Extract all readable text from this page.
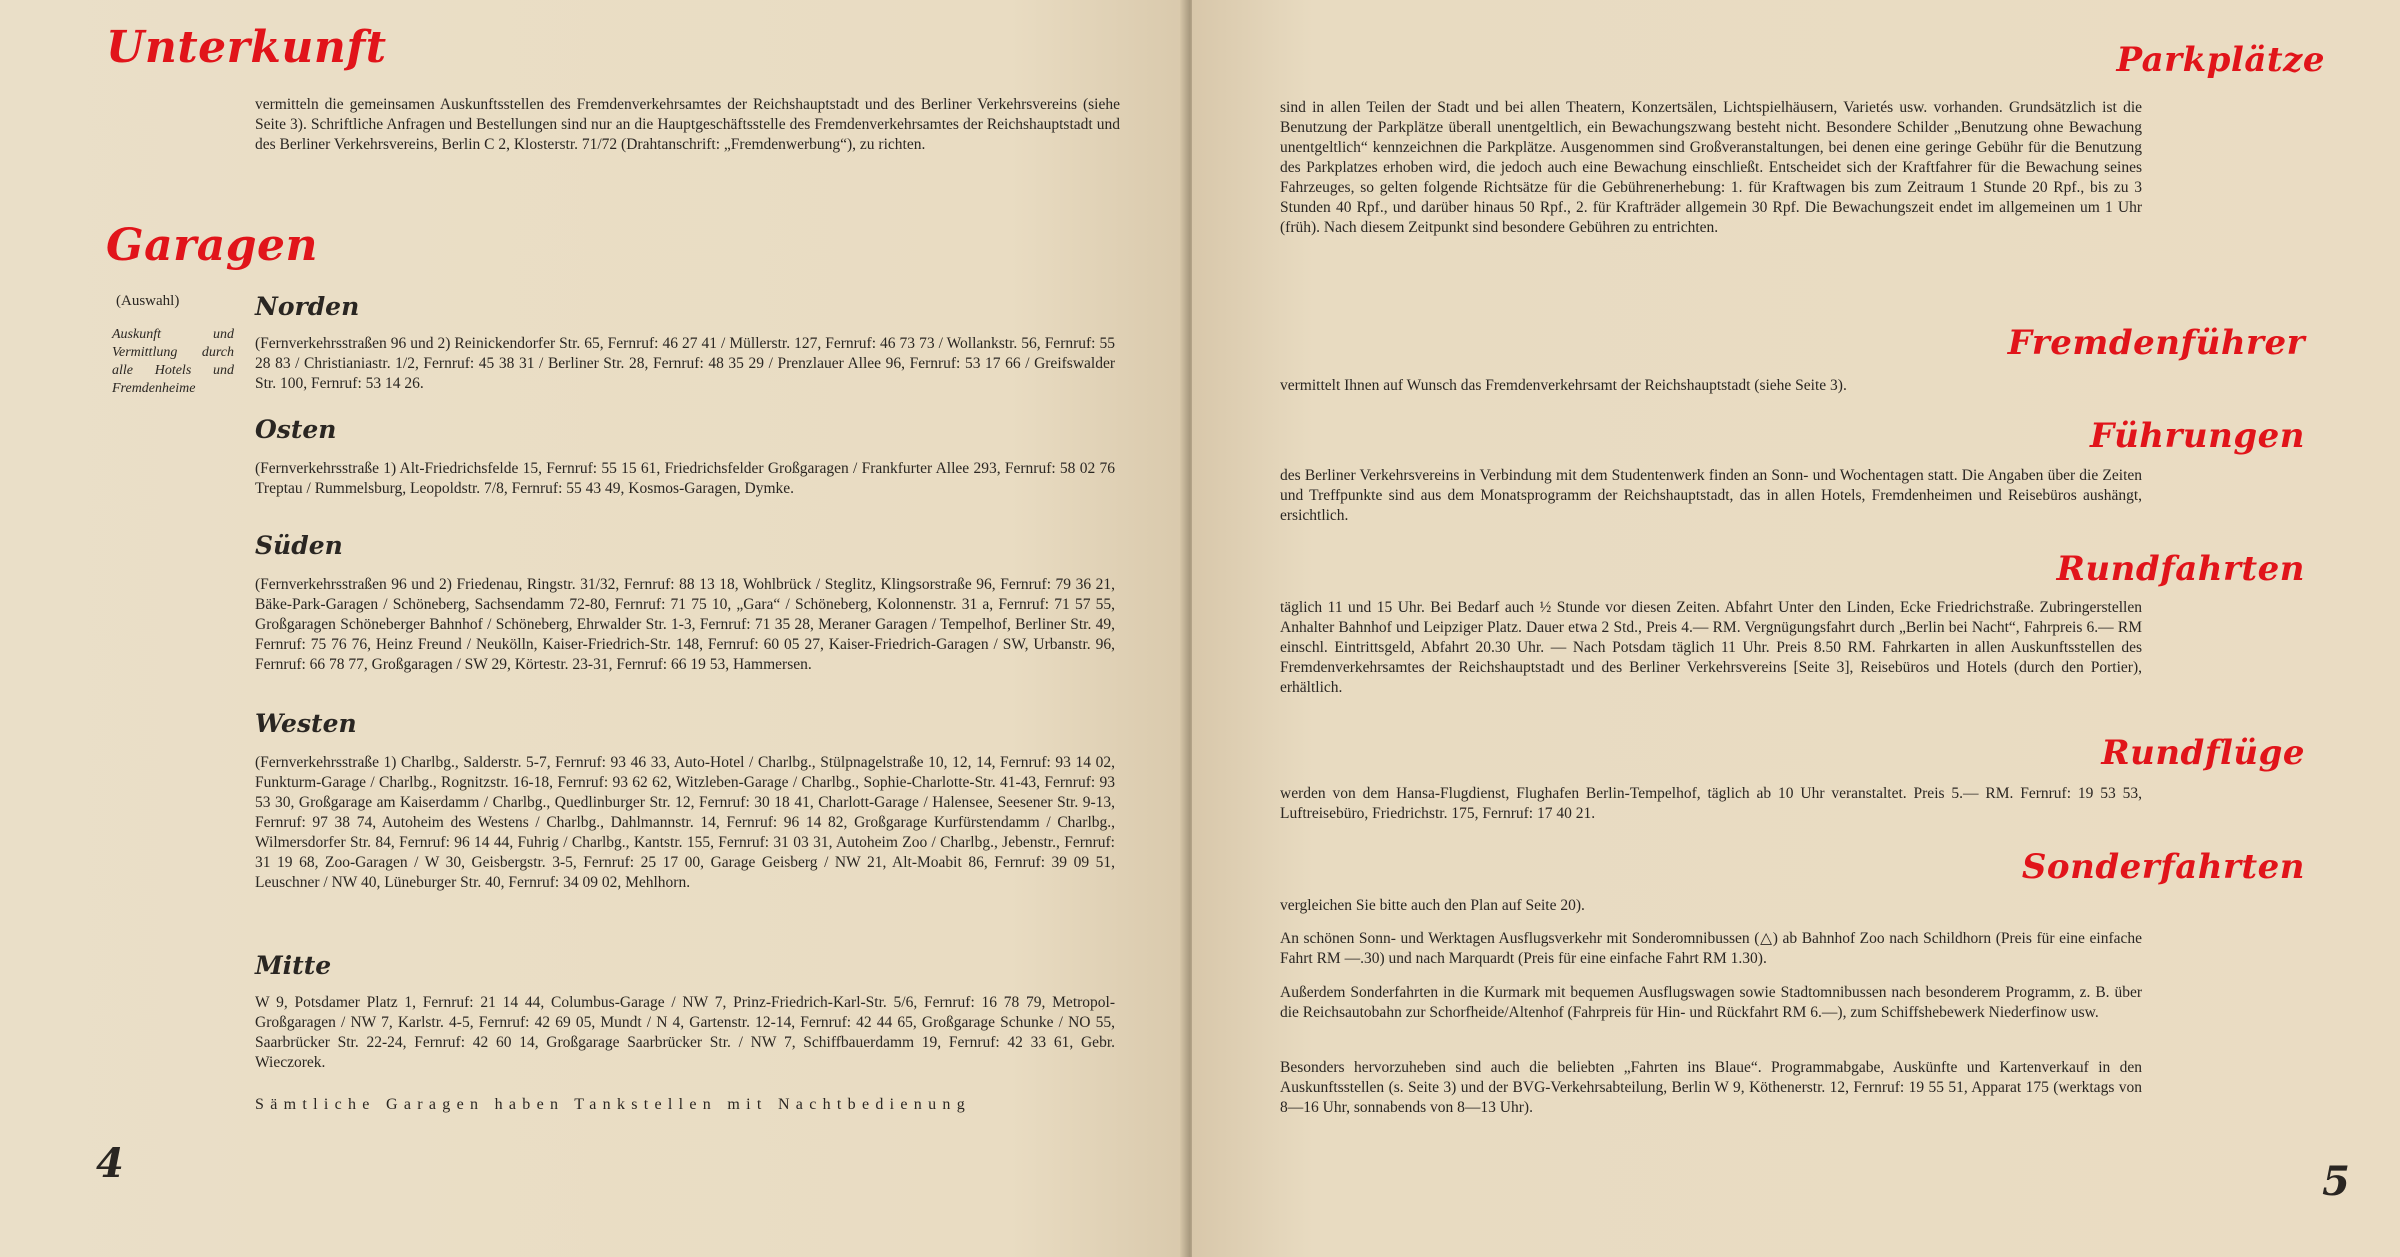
Unterkunft

vermitteln die gemeinsamen Auskunftsstellen des Fremdenverkehrsamtes der Reichshauptstadt und des Berliner Verkehrsvereins (siehe Seite 3). Schriftliche Anfragen und Bestellungen sind nur an die Hauptgeschäftsstelle des Fremdenverkehrsamtes der Reichshauptstadt und des Berliner Verkehrsvereins, Berlin C 2, Klosterstr. 71/72 (Drahtanschrift: „Fremdenwerbung“), zu richten.

Garagen

(Auswahl)

Auskunft und Vermittlung durch alle Hotels und Fremdenheime

Norden

(Fernverkehrsstraßen 96 und 2) Reinickendorfer Str. 65, Fernruf: 46 27 41 / Müllerstr. 127, Fernruf: 46 73 73 / Wollankstr. 56, Fernruf: 55 28 83 / Christianiastr. 1/2, Fernruf: 45 38 31 / Berliner Str. 28, Fernruf: 48 35 29 / Prenzlauer Allee 96, Fernruf: 53 17 66 / Greifswalder Str. 100, Fernruf: 53 14 26.

Osten

(Fernverkehrsstraße 1) Alt-Friedrichsfelde 15, Fernruf: 55 15 61, Friedrichsfelder Großgaragen / Frankfurter Allee 293, Fernruf: 58 02 76 Treptau / Rummelsburg, Leopoldstr. 7/8, Fernruf: 55 43 49, Kosmos-Garagen, Dymke.

Süden

(Fernverkehrsstraßen 96 und 2) Friedenau, Ringstr. 31/32, Fernruf: 88 13 18, Wohlbrück / Steglitz, Klingsorstraße 96, Fernruf: 79 36 21, Bäke-Park-Garagen / Schöneberg, Sachsendamm 72-80, Fernruf: 71 75 10, „Gara“ / Schöneberg, Kolonnenstr. 31 a, Fernruf: 71 57 55, Großgaragen Schöneberger Bahnhof / Schöneberg, Ehrwalder Str. 1-3, Fernruf: 71 35 28, Meraner Garagen / Tempelhof, Berliner Str. 49, Fernruf: 75 76 76, Heinz Freund / Neukölln, Kaiser-Friedrich-Str. 148, Fernruf: 60 05 27, Kaiser-Friedrich-Garagen / SW, Urbanstr. 96, Fernruf: 66 78 77, Großgaragen / SW 29, Körtestr. 23-31, Fernruf: 66 19 53, Hammersen.

Westen

(Fernverkehrsstraße 1) Charlbg., Salderstr. 5-7, Fernruf: 93 46 33, Auto-Hotel / Charlbg., Stülpnagelstraße 10, 12, 14, Fernruf: 93 14 02, Funkturm-Garage / Charlbg., Rognitzstr. 16-18, Fernruf: 93 62 62, Witzleben-Garage / Charlbg., Sophie-Charlotte-Str. 41-43, Fernruf: 93 53 30, Großgarage am Kaiserdamm / Charlbg., Quedlinburger Str. 12, Fernruf: 30 18 41, Charlott-Garage / Halensee, Seesener Str. 9-13, Fernruf: 97 38 74, Autoheim des Westens / Charlbg., Dahlmannstr. 14, Fernruf: 96 14 82, Großgarage Kurfürstendamm / Charlbg., Wilmersdorfer Str. 84, Fernruf: 96 14 44, Fuhrig / Charlbg., Kantstr. 155, Fernruf: 31 03 31, Autoheim Zoo / Charlbg., Jebenstr., Fernruf: 31 19 68, Zoo-Garagen / W 30, Geisbergstr. 3-5, Fernruf: 25 17 00, Garage Geisberg / NW 21, Alt-Moabit 86, Fernruf: 39 09 51, Leuschner / NW 40, Lüneburger Str. 40, Fernruf: 34 09 02, Mehlhorn.

Mitte

W 9, Potsdamer Platz 1, Fernruf: 21 14 44, Columbus-Garage / NW 7, Prinz-Friedrich-Karl-Str. 5/6, Fernruf: 16 78 79, Metropol-Großgaragen / NW 7, Karlstr. 4-5, Fernruf: 42 69 05, Mundt / N 4, Gartenstr. 12-14, Fernruf: 42 44 65, Großgarage Schunke / NO 55, Saarbrücker Str. 22-24, Fernruf: 42 60 14, Großgarage Saarbrücker Str. / NW 7, Schiffbauerdamm 19, Fernruf: 42 33 61, Gebr. Wieczorek.

Sämtliche Garagen haben Tankstellen mit Nachtbedienung

4

Parkplätze

sind in allen Teilen der Stadt und bei allen Theatern, Konzertsälen, Lichtspielhäusern, Varietés usw. vorhanden. Grundsätzlich ist die Benutzung der Parkplätze überall unentgeltlich, ein Bewachungszwang besteht nicht. Besondere Schilder „Benutzung ohne Bewachung unentgeltlich“ kennzeichnen die Parkplätze. Ausgenommen sind Großveranstaltungen, bei denen eine geringe Gebühr für die Benutzung des Parkplatzes erhoben wird, die jedoch auch eine Bewachung einschließt. Entscheidet sich der Kraftfahrer für die Bewachung seines Fahrzeuges, so gelten folgende Richtsätze für die Gebührenerhebung: 1. für Kraftwagen bis zum Zeitraum 1 Stunde 20 Rpf., bis zu 3 Stunden 40 Rpf., und darüber hinaus 50 Rpf., 2. für Krafträder allgemein 30 Rpf. Die Bewachungszeit endet im allgemeinen um 1 Uhr (früh). Nach diesem Zeitpunkt sind besondere Gebühren zu entrichten.

Fremdenführer

vermittelt Ihnen auf Wunsch das Fremdenverkehrsamt der Reichshauptstadt (siehe Seite 3).

Führungen

des Berliner Verkehrsvereins in Verbindung mit dem Studentenwerk finden an Sonn- und Wochentagen statt. Die Angaben über die Zeiten und Treffpunkte sind aus dem Monatsprogramm der Reichshauptstadt, das in allen Hotels, Fremdenheimen und Reisebüros aushängt, ersichtlich.

Rundfahrten

täglich 11 und 15 Uhr. Bei Bedarf auch ½ Stunde vor diesen Zeiten. Abfahrt Unter den Linden, Ecke Friedrichstraße. Zubringerstellen Anhalter Bahnhof und Leipziger Platz. Dauer etwa 2 Std., Preis 4.— RM. Vergnügungsfahrt durch „Berlin bei Nacht“, Fahrpreis 6.— RM einschl. Eintrittsgeld, Abfahrt 20.30 Uhr. — Nach Potsdam täglich 11 Uhr. Preis 8.50 RM. Fahrkarten in allen Auskunftsstellen des Fremdenverkehrsamtes der Reichshauptstadt und des Berliner Verkehrsvereins [Seite 3], Reisebüros und Hotels (durch den Portier), erhältlich.

Rundflüge

werden von dem Hansa-Flugdienst, Flughafen Berlin-Tempelhof, täglich ab 10 Uhr veranstaltet. Preis 5.— RM. Fernruf: 19 53 53, Luftreisebüro, Friedrichstr. 175, Fernruf: 17 40 21.

Sonderfahrten

vergleichen Sie bitte auch den Plan auf Seite 20).

An schönen Sonn- und Werktagen Ausflugsverkehr mit Sonderomnibussen (△) ab Bahnhof Zoo nach Schildhorn (Preis für eine einfache Fahrt RM —.30) und nach Marquardt (Preis für eine einfache Fahrt RM 1.30).

Außerdem Sonderfahrten in die Kurmark mit bequemen Ausflugswagen sowie Stadtomnibussen nach besonderem Programm, z. B. über die Reichsautobahn zur Schorfheide/Altenhof (Fahrpreis für Hin- und Rückfahrt RM 6.—), zum Schiffshebewerk Niederfinow usw.

Besonders hervorzuheben sind auch die beliebten „Fahrten ins Blaue“. Programmabgabe, Auskünfte und Kartenverkauf in den Auskunftsstellen (s. Seite 3) und der BVG-Verkehrsabteilung, Berlin W 9, Köthenerstr. 12, Fernruf: 19 55 51, Apparat 175 (werktags von 8—16 Uhr, sonnabends von 8—13 Uhr).

5
